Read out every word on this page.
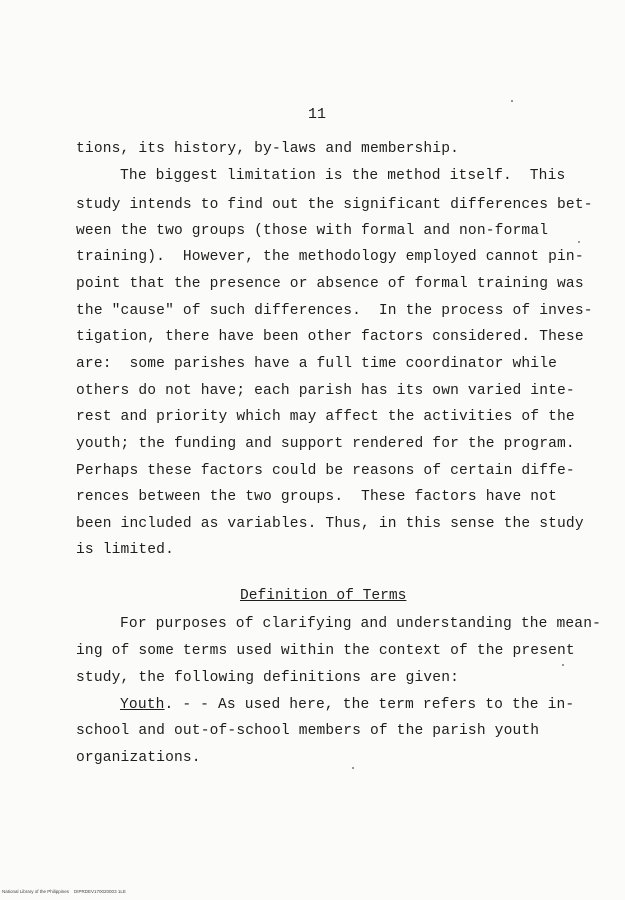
11
tions, its history, by-laws and membership.
The biggest limitation is the method itself.  This
study intends to find out the significant differences bet-
ween the two groups (those with formal and non-formal
training).  However, the methodology employed cannot pin-
point that the presence or absence of formal training was
the "cause" of such differences.  In the process of inves-
tigation, there have been other factors considered. These
are:  some parishes have a full time coordinator while
others do not have; each parish has its own varied inte-
rest and priority which may affect the activities of the
youth; the funding and support rendered for the program.
Perhaps these factors could be reasons of certain diffe-
rences between the two groups.  These factors have not
been included as variables. Thus, in this sense the study
is limited.
Definition of Terms
For purposes of clarifying and understanding the mean-
ing of some terms used within the context of the present
study, the following definitions are given:
Youth. - - As used here, the term refers to the in-
school and out-of-school members of the parish youth
organizations.
National Library of the Philippines    DIPRDEV170020003 1LE
